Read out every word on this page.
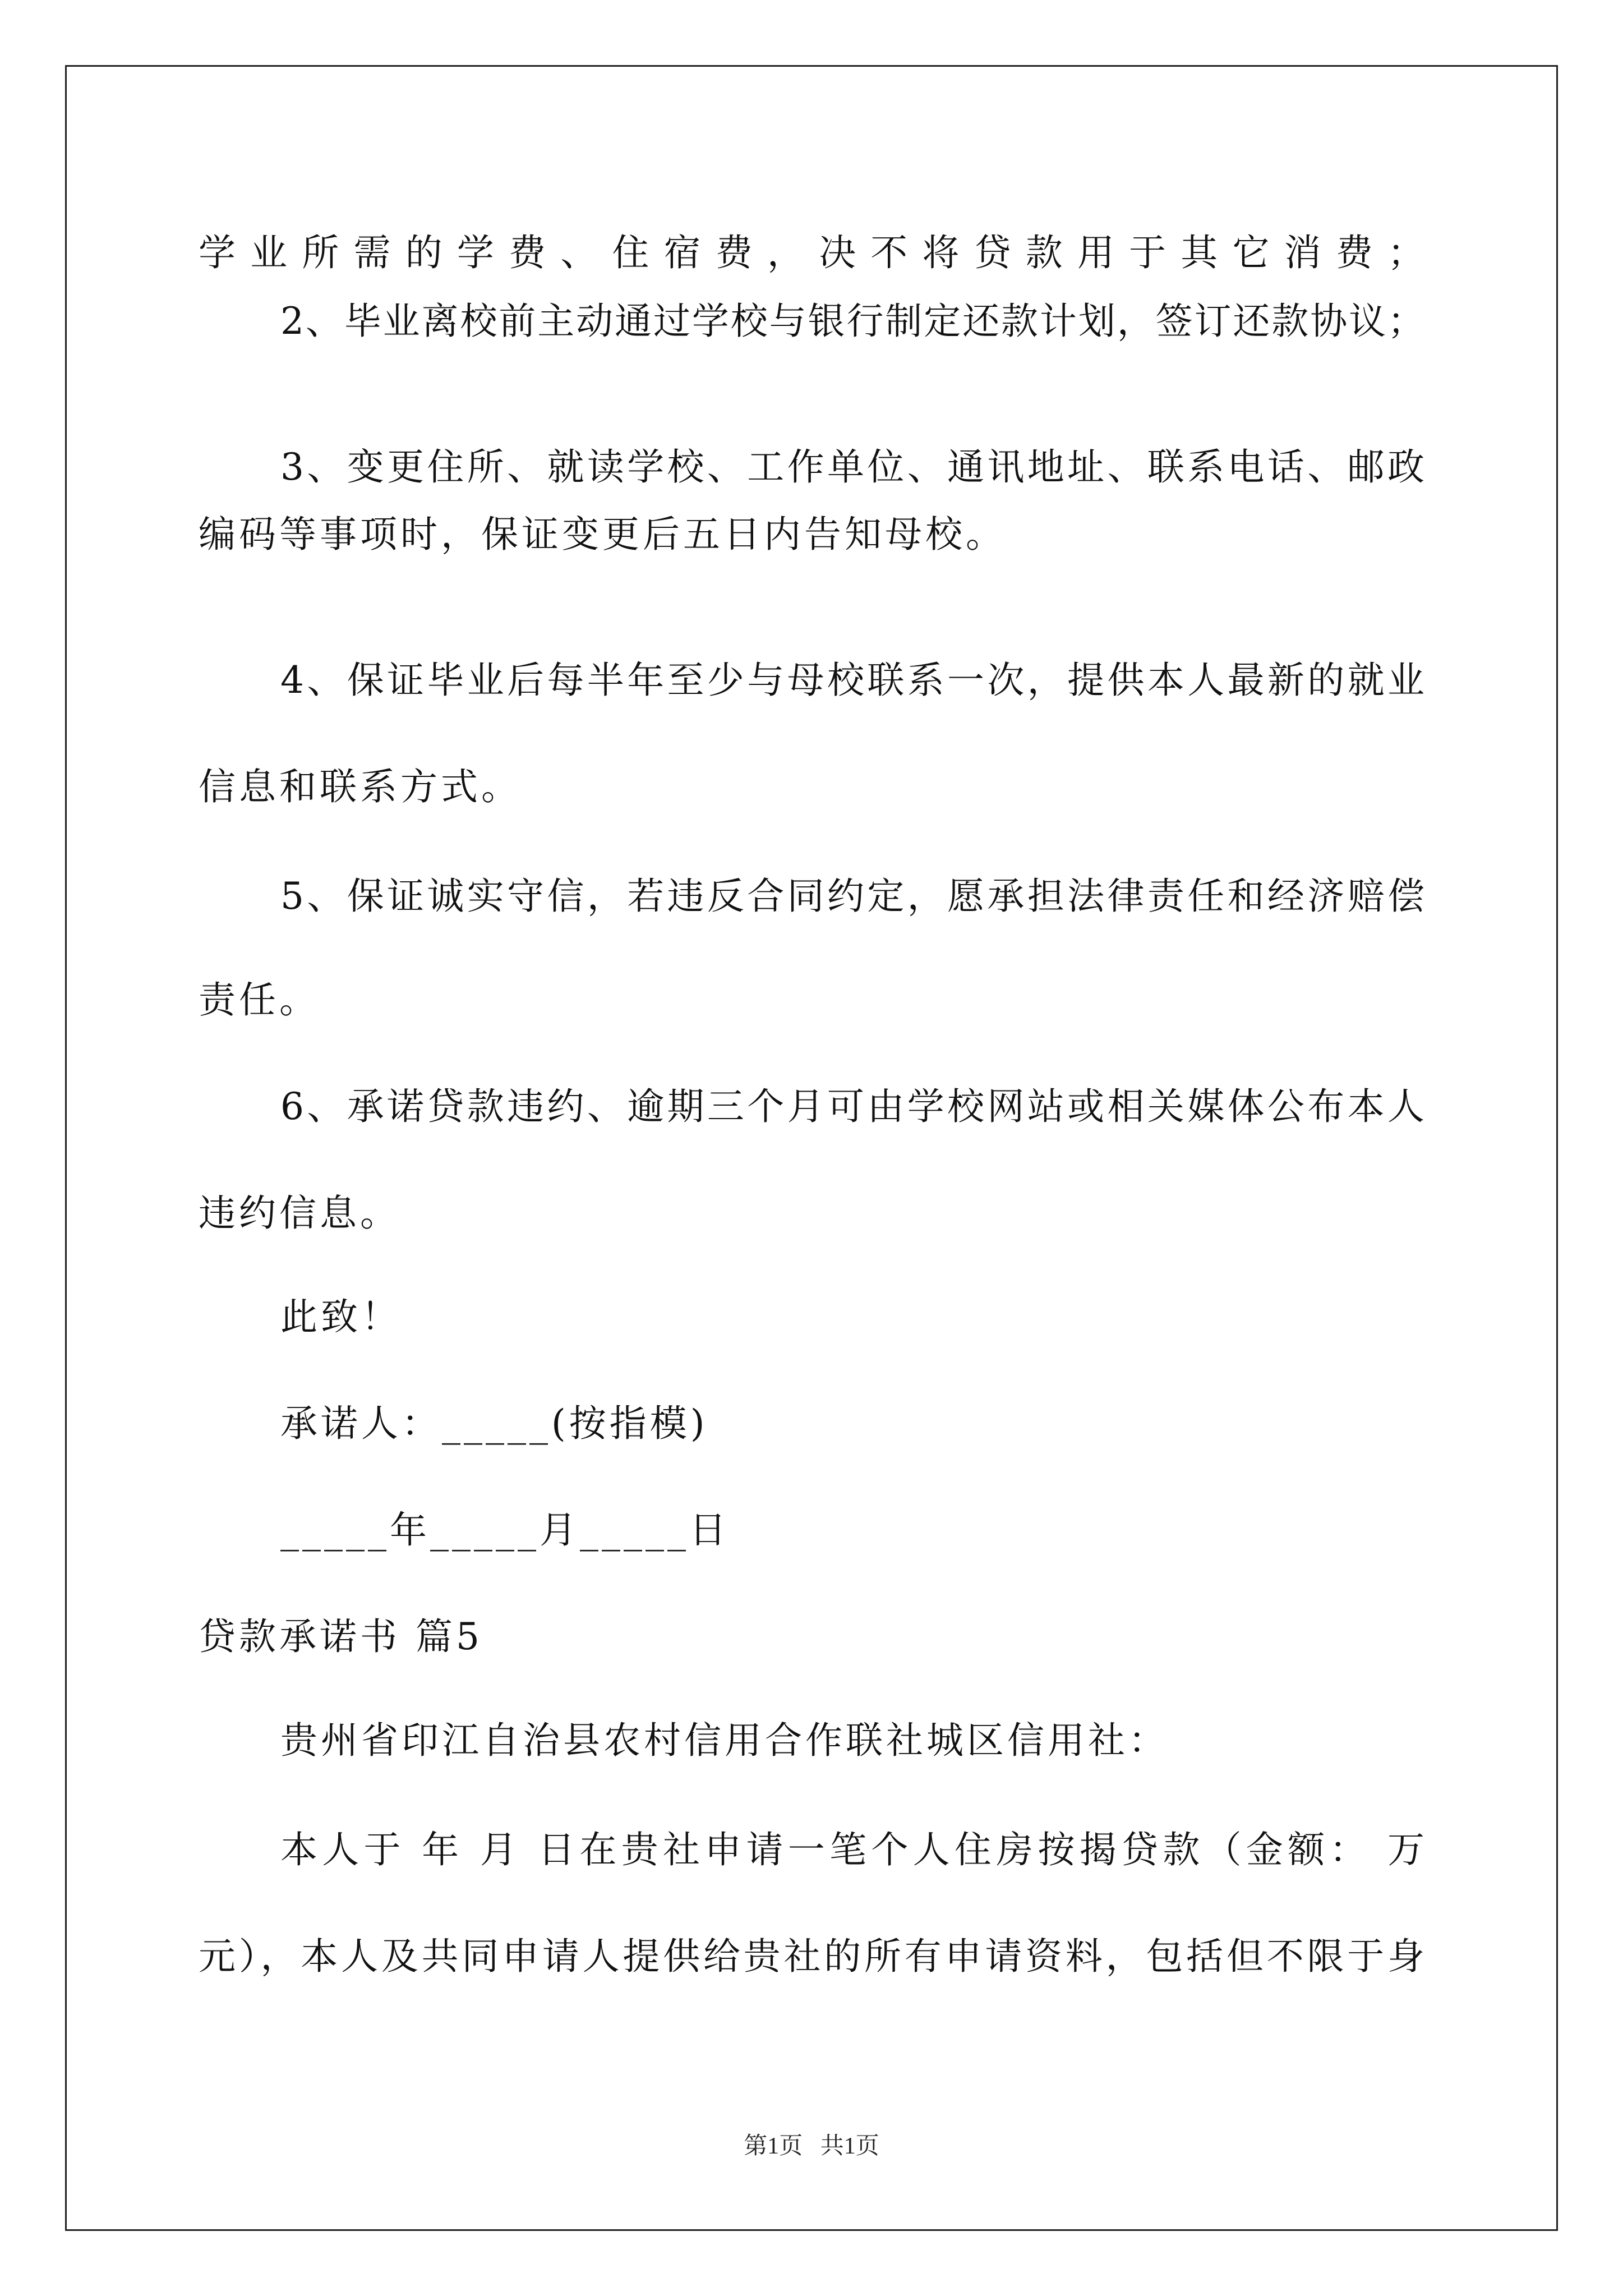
学业所需的学费、住宿费，决不将贷款用于其它消费；
2、毕业离校前主动通过学校与银行制定还款计划，签订还款协议；
3、变更住所、就读学校、工作单位、通讯地址、联系电话、邮政
编码等事项时，保证变更后五日内告知母校。
4、保证毕业后每半年至少与母校联系一次，提供本人最新的就业
信息和联系方式。
5、保证诚实守信，若违反合同约定，愿承担法律责任和经济赔偿
责任。
6、承诺贷款违约、逾期三个月可由学校网站或相关媒体公布本人
违约信息。
此致！
承诺人：_____(按指模)
_____年_____月_____日
贷款承诺书 篇5
贵州省印江自治县农村信用合作联社城区信用社：
本人于 年 月 日在贵社申请一笔个人住房按揭贷款（金额： 万
元），本人及共同申请人提供给贵社的所有申请资料，包括但不限于身
第1页   共1页
